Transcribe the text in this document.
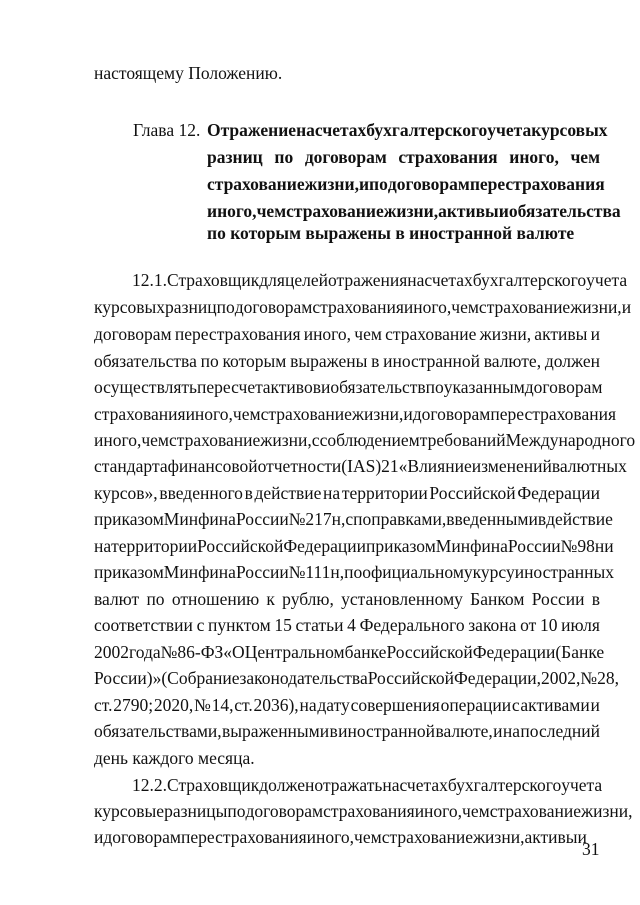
настоящему Положению.
Глава 12. Отражение на счетах бухгалтерского учета курсовых
разниц по договорам страхования иного, чем
страхование жизни, и по договорам перестрахования
иного, чем страхование жизни, активы и обязательства
по которым выражены в иностранной валюте
12.1. Страховщик для целей отражения на счетах бухгалтерского учета
курсовых разниц по договорам страхования иного, чем страхование жизни, и
договорам перестрахования иного, чем страхование жизни, активы и
обязательства по которым выражены в иностранной валюте, должен
осуществлять пересчет активов и обязательств по указанным договорам
страхования иного, чем страхование жизни, и договорам перестрахования
иного, чем страхование жизни, с соблюдением требований Международного
стандарта финансовой отчетности (IAS) 21 «Влияние изменений валютных
курсов», введенного в действие на территории Российской Федерации
приказом Минфина России № 217н, с поправками, введенными в действие
на территории Российской Федерации приказом Минфина России № 98н и
приказом Минфина России № 111н, по официальному курсу иностранных
валют по отношению к рублю, установленному Банком России в
соответствии с пунктом 15 статьи 4 Федерального закона от 10 июля
2002 года № 86-ФЗ «О Центральном банке Российской Федерации (Банке
России)» (Собрание законодательства Российской Федерации, 2002, № 28,
ст. 2790; 2020, № 14, ст. 2036), на дату совершения операции с активами и
обязательствами, выраженными в иностранной валюте, и на последний
день каждого месяца.
12.2. Страховщик должен отражать на счетах бухгалтерского учета
курсовые разницы по договорам страхования иного, чем страхование жизни,
и договорам перестрахования иного, чем страхование жизни, активы и
31
